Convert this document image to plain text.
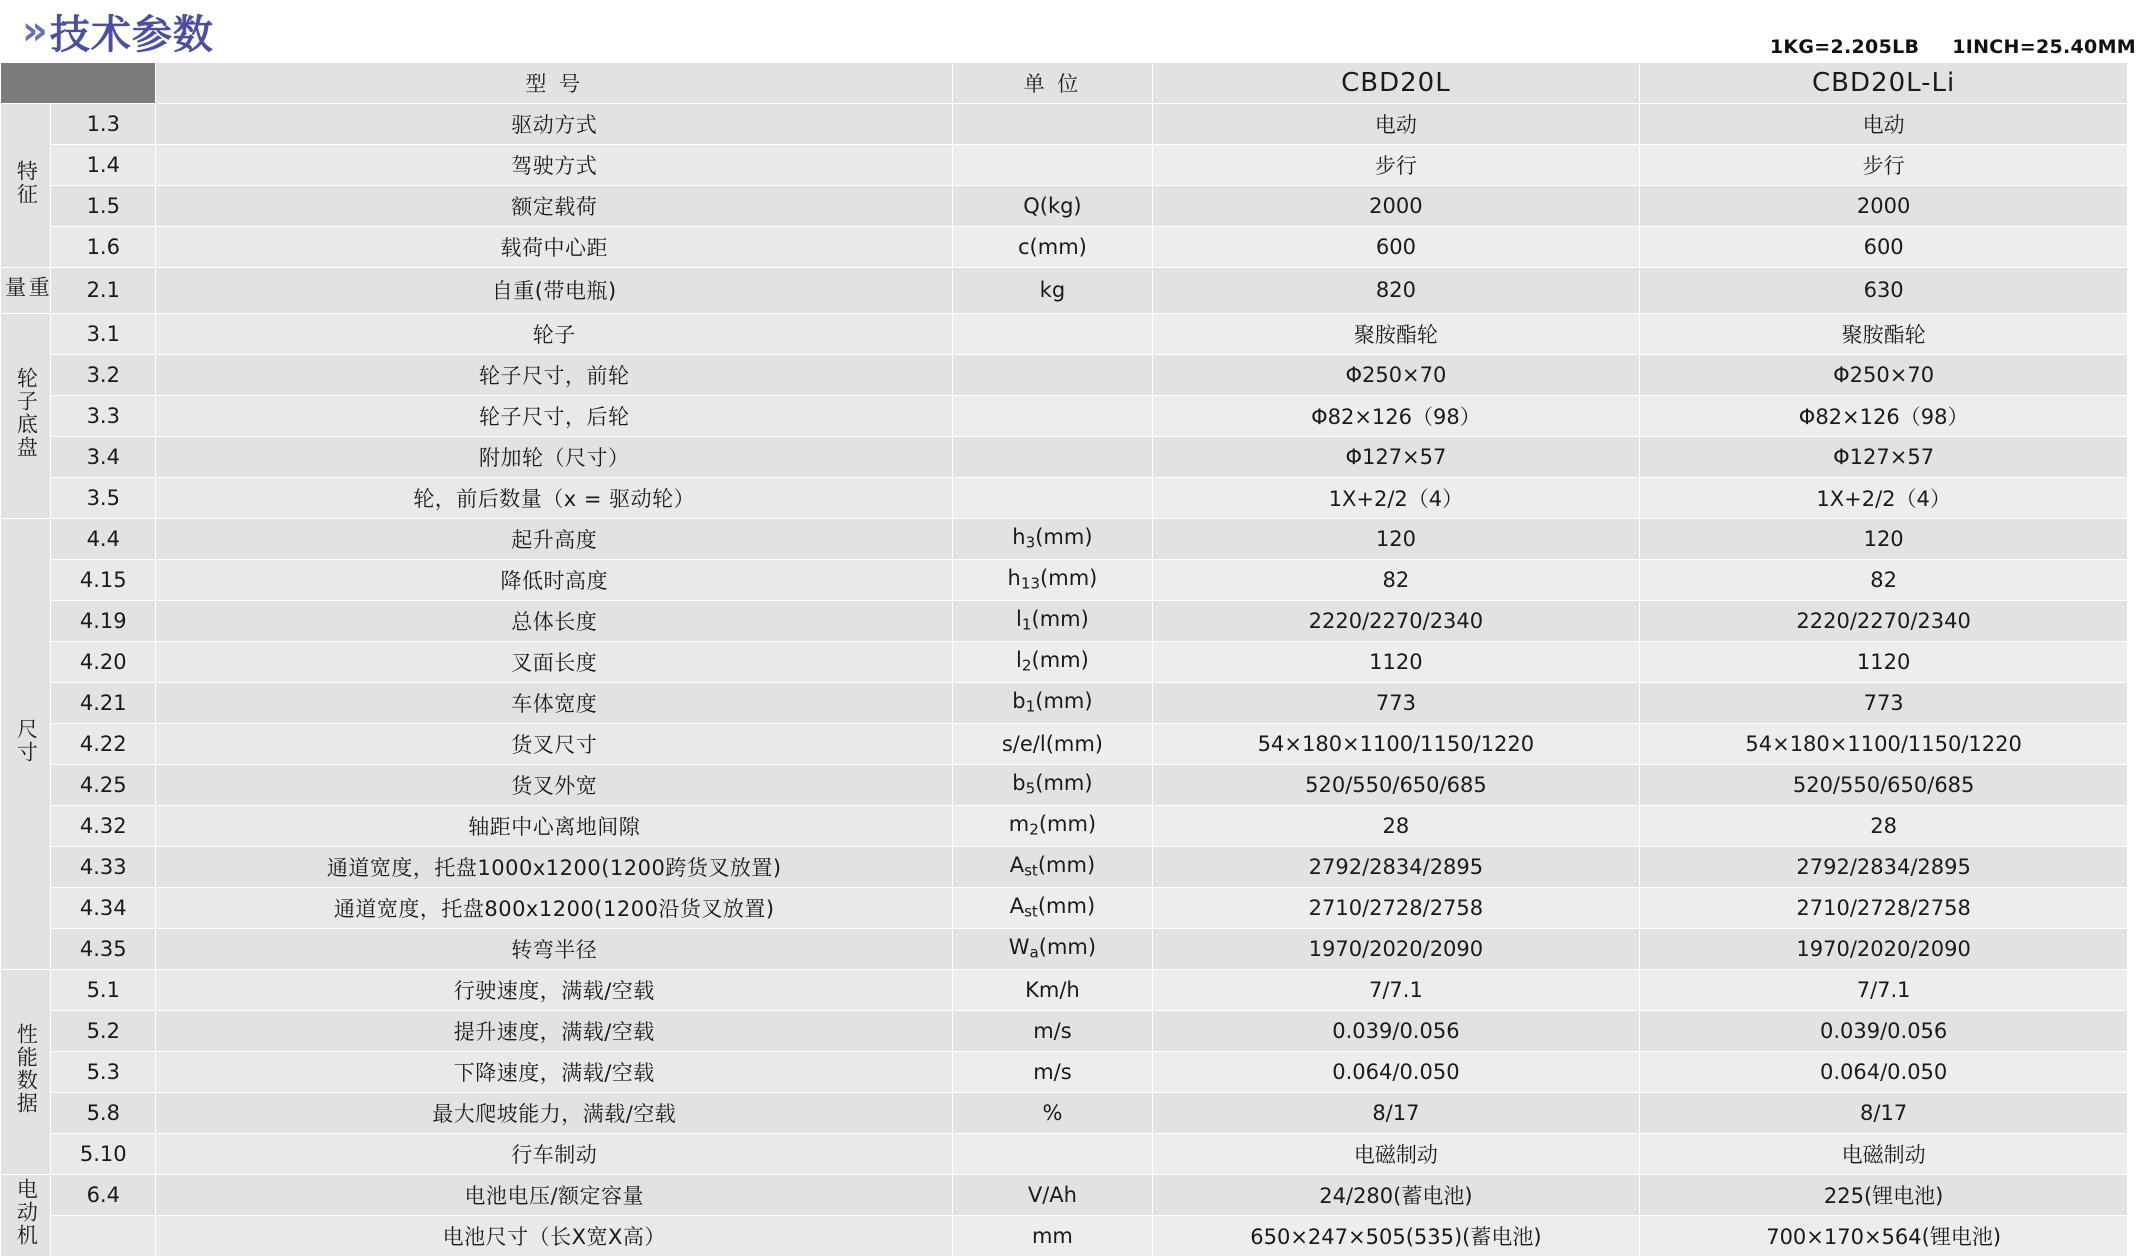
» 技术参数	1KG=2.205LB 1INCH=25.40MM
		型 号	单 位	CBD20L	CBD20L-Li
特征	1.3	驱动方式		电动	电动
	1.4	驾驶方式		步行	步行
	1.5	额定载荷	Q(kg)	2000	2000
	1.6	载荷中心距	c(mm)	600	600
重量	2.1	自重(带电瓶)	kg	820	630
轮子底盘	3.1	轮子		聚胺酯轮	聚胺酯轮
	3.2	轮子尺寸，前轮		Φ250×70	Φ250×70
	3.3	轮子尺寸，后轮		Φ82×126（98）	Φ82×126（98）
	3.4	附加轮（尺寸）		Φ127×57	Φ127×57
	3.5	轮，前后数量（x = 驱动轮）		1X+2/2（4）	1X+2/2（4）
尺寸	4.4	起升高度	$h_3(mm)$	120	120
	4.15	降低时高度	$h_{13}(mm)$	82	82
	4.19	总体长度	$l_1(mm)$	2220/2270/2340	2220/2270/2340
	4.20	叉面长度	$l_2(mm)$	1120	1120
	4.21	车体宽度	$b_1(mm)$	773	773
	4.22	货叉尺寸	s/e/l(mm)	54×180×1100/1150/1220	54×180×1100/1150/1220
	4.25	货叉外宽	$b_5(mm)$	520/550/650/685	520/550/650/685
	4.32	轴距中心离地间隙	$m_2(mm)$	28	28
	4.33	通道宽度，托盘1000x1200(1200跨货叉放置)	$A_{st}(mm)$	2792/2834/2895	2792/2834/2895
	4.34	通道宽度，托盘800x1200(1200沿货叉放置)	$A_{st}(mm)$	2710/2728/2758	2710/2728/2758
	4.35	转弯半径	$W_a(mm)$	1970/2020/2090	1970/2020/2090
性能数据	5.1	行驶速度，满载/空载	Km/h	7/7.1	7/7.1
	5.2	提升速度，满载/空载	m/s	0.039/0.056	0.039/0.056
	5.3	下降速度，满载/空载	m/s	0.064/0.050	0.064/0.050
	5.8	最大爬坡能力，满载/空载	%	8/17	8/17
	5.10	行车制动		电磁制动	电磁制动
电动机	6.4	电池电压/额定容量	V/Ah	24/280(蓄电池)	225(锂电池)
		电池尺寸（长X宽X高）	mm	650×247×505(535)(蓄电池)	700×170×564(锂电池)
